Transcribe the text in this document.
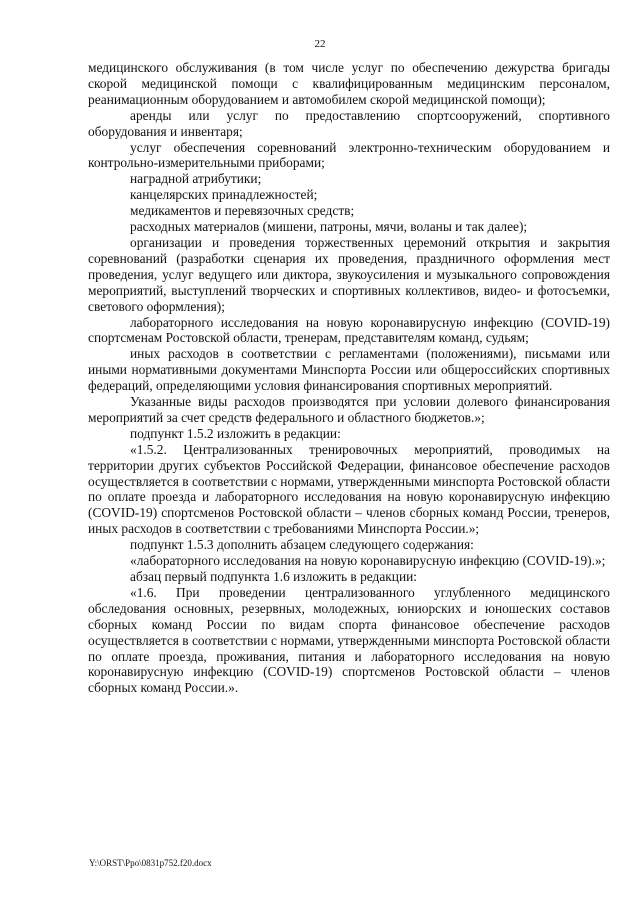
22

медицинского обслуживания (в том числе услуг по обеспечению дежурства бригады скорой медицинской помощи с квалифицированным медицинским персоналом, реанимационным оборудованием и автомобилем скорой медицинской помощи);

аренды или услуг по предоставлению спортсооружений, спортивного оборудования и инвентаря;

услуг обеспечения соревнований электронно-техническим оборудованием и контрольно-измерительными приборами;

наградной атрибутики;

канцелярских принадлежностей;

медикаментов и перевязочных средств;

расходных материалов (мишени, патроны, мячи, воланы и так далее);

организации и проведения торжественных церемоний открытия и закрытия соревнований (разработки сценария их проведения, праздничного оформления мест проведения, услуг ведущего или диктора, звукоусиления и музыкального сопровождения мероприятий, выступлений творческих и спортивных коллективов, видео- и фотосъемки, светового оформления);

лабораторного исследования на новую коронавирусную инфекцию (COVID-19) спортсменам Ростовской области, тренерам, представителям команд, судьям;

иных расходов в соответствии с регламентами (положениями), письмами или иными нормативными документами Минспорта России или общероссийских спортивных федераций, определяющими условия финансирования спортивных мероприятий.

Указанные виды расходов производятся при условии долевого финансирования мероприятий за счет средств федерального и областного бюджетов.»;

подпункт 1.5.2 изложить в редакции:

«1.5.2. Централизованных тренировочных мероприятий, проводимых на территории других субъектов Российской Федерации, финансовое обеспечение расходов осуществляется в соответствии с нормами, утвержденными минспорта Ростовской области по оплате проезда и лабораторного исследования на новую коронавирусную инфекцию (COVID-19) спортсменов Ростовской области – членов сборных команд России, тренеров, иных расходов в соответствии с требованиями Минспорта России.»;

подпункт 1.5.3 дополнить абзацем следующего содержания:

«лабораторного исследования на новую коронавирусную инфекцию (COVID-19).»;

абзац первый подпункта 1.6 изложить в редакции:

«1.6. При проведении централизованного углубленного медицинского обследования основных, резервных, молодежных, юниорских и юношеских составов сборных команд России по видам спорта финансовое обеспечение расходов осуществляется в соответствии с нормами, утвержденными минспорта Ростовской области по оплате проезда, проживания, питания и лабораторного исследования на новую коронавирусную инфекцию (COVID-19) спортсменов Ростовской области – членов сборных команд России.».

Y:\ORST\Ppo\0831p752.f20.docx
